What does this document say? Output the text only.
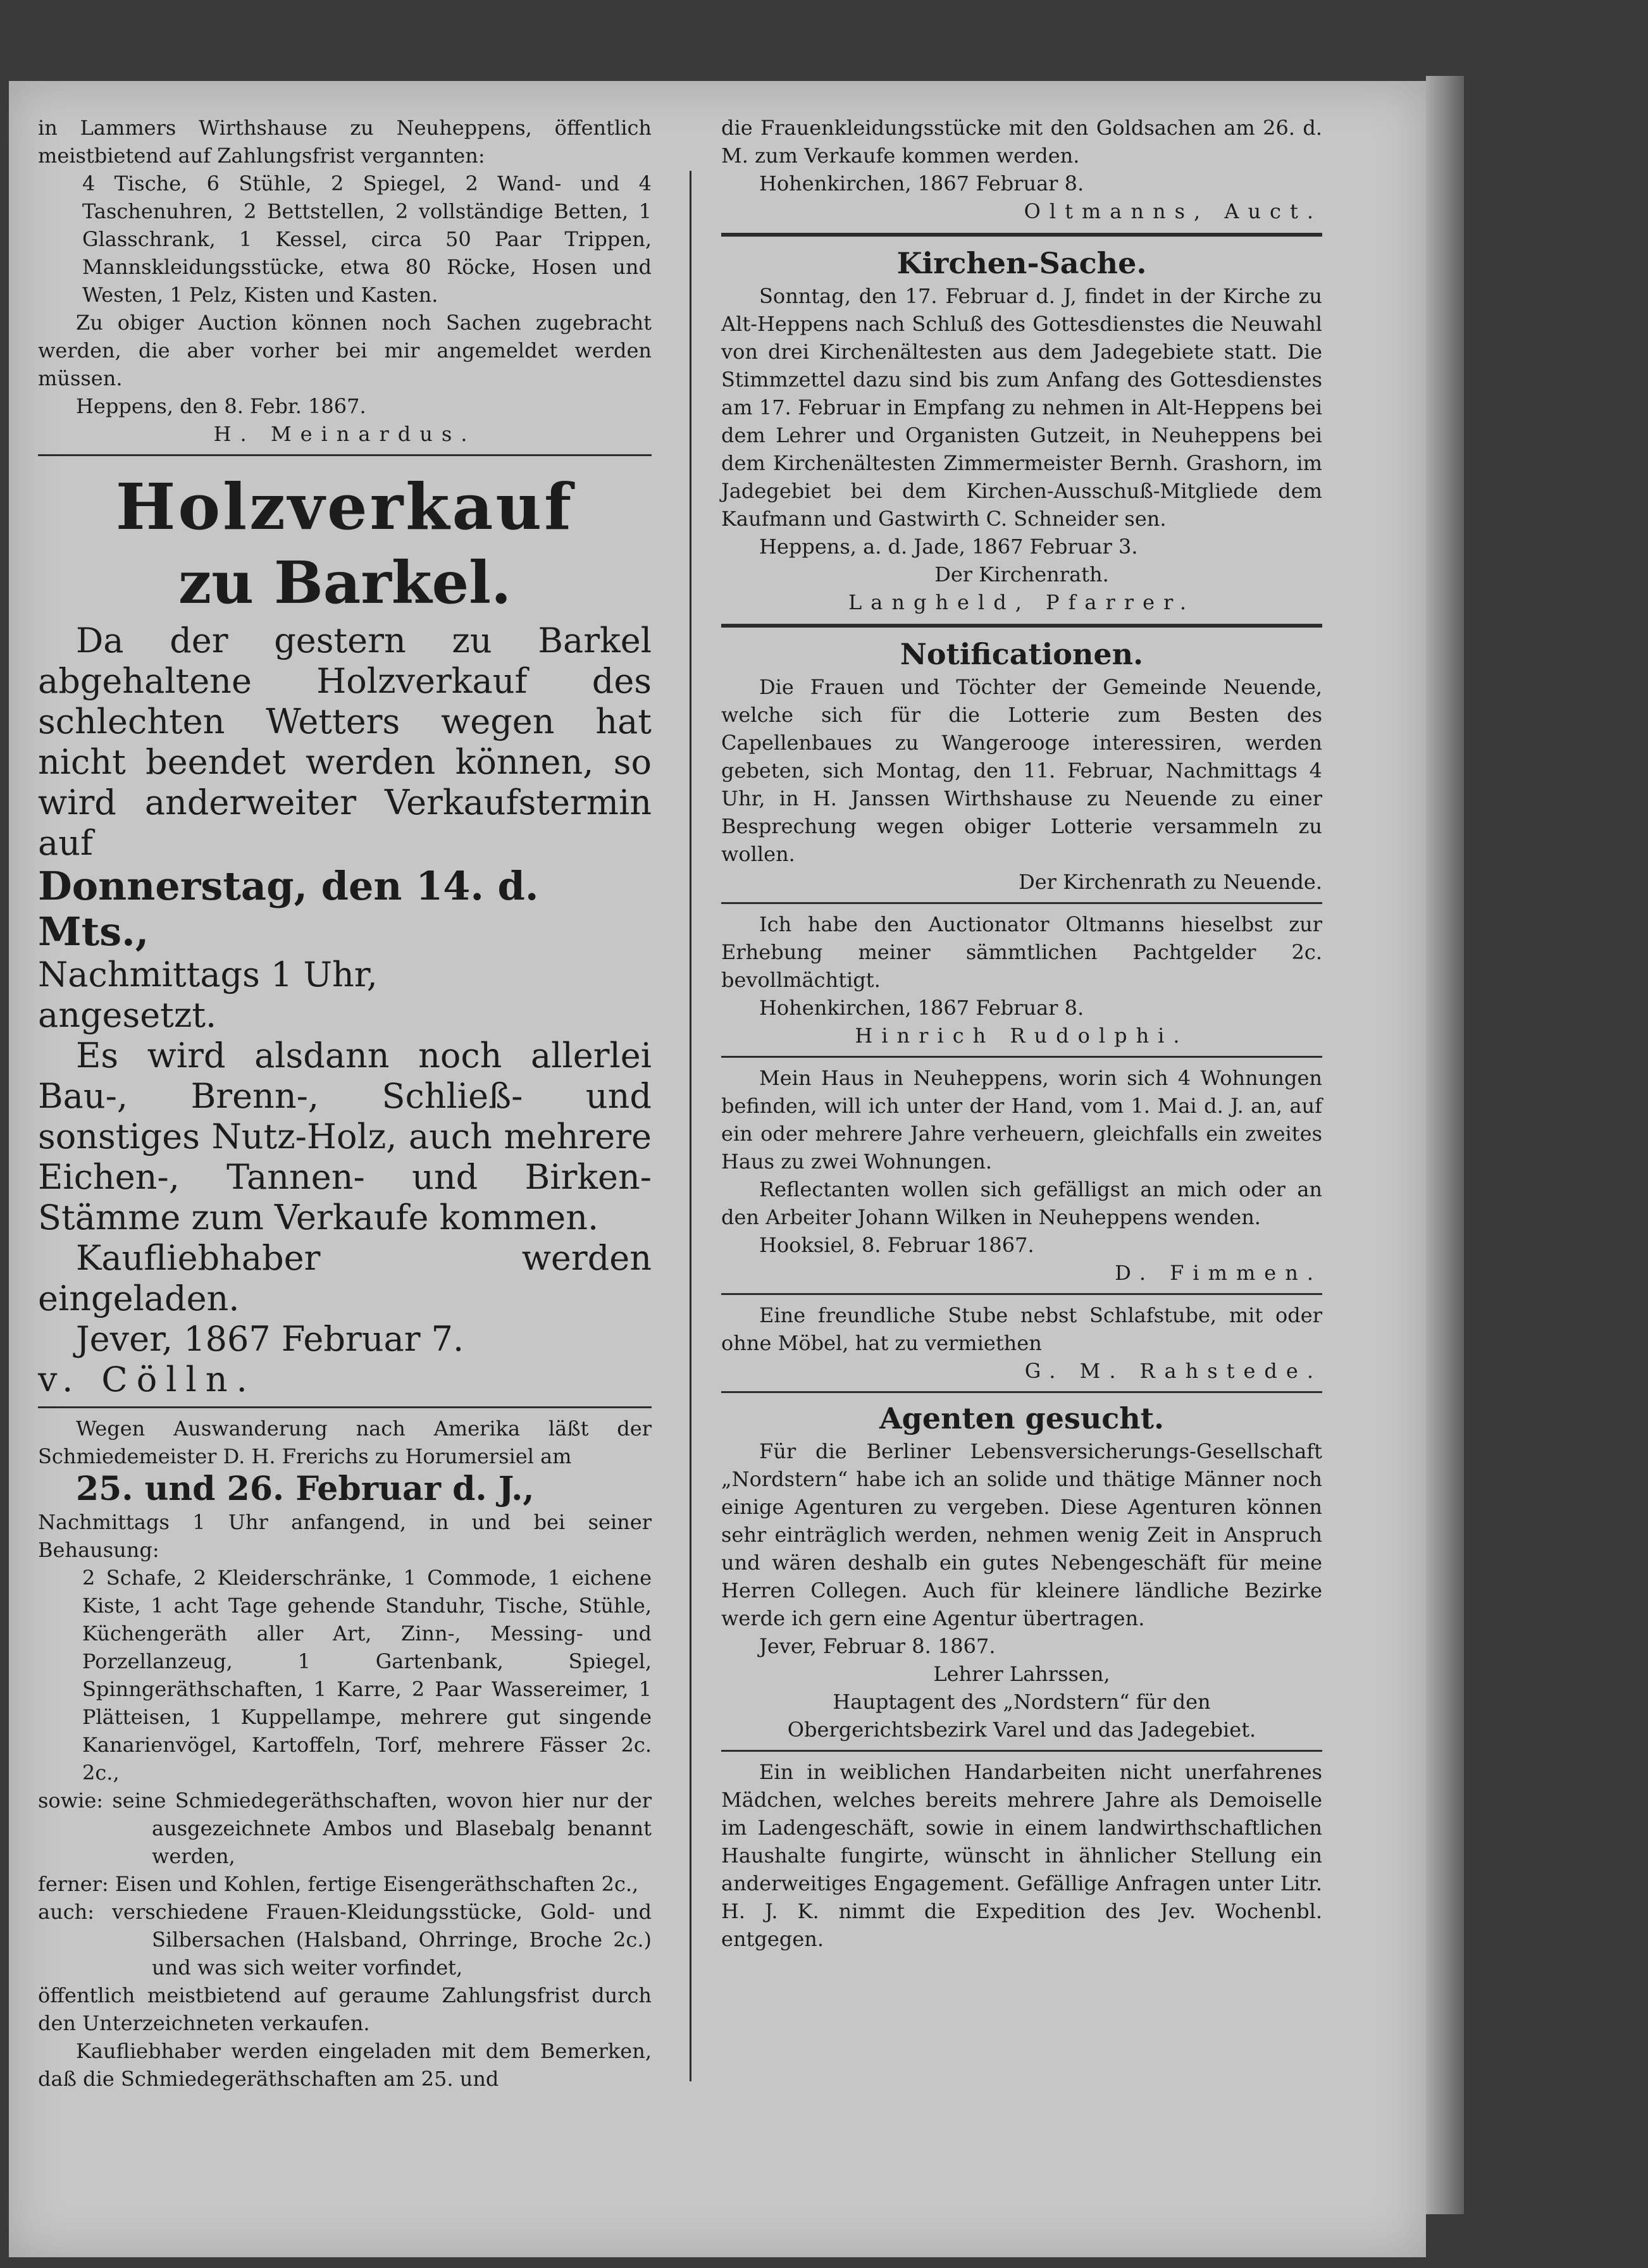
in Lammers Wirthshause zu Neuheppens, öffentlich meistbietend auf Zahlungsfrist vergannten:

4 Tische, 6 Stühle, 2 Spiegel, 2 Wand- und 4 Taschenuhren, 2 Bettstellen, 2 vollständige Betten, 1 Glasschrank, 1 Kessel, circa 50 Paar Trippen, Mannskleidungsstücke, etwa 80 Röcke, Hosen und Westen, 1 Pelz, Kisten und Kasten.

Zu obiger Auction können noch Sachen zugebracht werden, die aber vorher bei mir angemeldet werden müssen.

Heppens, den 8. Febr. 1867.

H. Meinardus.

Holzverkauf

zu Barkel.

Da der gestern zu Barkel abgehaltene Holzverkauf des schlechten Wetters wegen hat nicht beendet werden können, so wird anderweiter Verkaufstermin auf

Donnerstag, den 14. d. Mts.,

Nachmittags 1 Uhr,

angesetzt.

Es wird alsdann noch allerlei Bau-, Brenn-, Schließ- und sonstiges Nutz-Holz, auch mehrere Eichen-, Tannen- und Birken-Stämme zum Verkaufe kommen.

Kaufliebhaber werden eingeladen.

Jever, 1867 Februar 7.

v. Cölln.

Wegen Auswanderung nach Amerika läßt der Schmiedemeister D. H. Frerichs zu Horumersiel am

25. und 26. Februar d. J.,

Nachmittags 1 Uhr anfangend, in und bei seiner Behausung:

2 Schafe, 2 Kleiderschränke, 1 Commode, 1 eichene Kiste, 1 acht Tage gehende Standuhr, Tische, Stühle, Küchengeräth aller Art, Zinn-, Messing- und Porzellanzeug, 1 Gartenbank, Spiegel, Spinngeräthschaften, 1 Karre, 2 Paar Wassereimer, 1 Plätteisen, 1 Kuppellampe, mehrere gut singende Kanarienvögel, Kartoffeln, Torf, mehrere Fässer 2c. 2c.,

sowie: seine Schmiedegeräthschaften, wovon hier nur der ausgezeichnete Ambos und Blasebalg benannt werden,

ferner: Eisen und Kohlen, fertige Eisengeräthschaften 2c.,

auch: verschiedene Frauen-Kleidungsstücke, Gold- und Silbersachen (Halsband, Ohrringe, Broche 2c.) und was sich weiter vorfindet,

öffentlich meistbietend auf geraume Zahlungsfrist durch den Unterzeichneten verkaufen.

Kaufliebhaber werden eingeladen mit dem Bemerken, daß die Schmiedegeräthschaften am 25. und

die Frauenkleidungsstücke mit den Goldsachen am 26. d. M. zum Verkaufe kommen werden.

Hohenkirchen, 1867 Februar 8.

Oltmanns, Auct.

Kirchen-Sache.

Sonntag, den 17. Februar d. J, findet in der Kirche zu Alt-Heppens nach Schluß des Gottesdienstes die Neuwahl von drei Kirchenältesten aus dem Jadegebiete statt. Die Stimmzettel dazu sind bis zum Anfang des Gottesdienstes am 17. Februar in Empfang zu nehmen in Alt-Heppens bei dem Lehrer und Organisten Gutzeit, in Neuheppens bei dem Kirchenältesten Zimmermeister Bernh. Grashorn, im Jadegebiet bei dem Kirchen-Ausschuß-Mitgliede dem Kaufmann und Gastwirth C. Schneider sen.

Heppens, a. d. Jade, 1867 Februar 3.

Der Kirchenrath.

Langheld, Pfarrer.

Notificationen.

Die Frauen und Töchter der Gemeinde Neuende, welche sich für die Lotterie zum Besten des Capellenbaues zu Wangerooge interessiren, werden gebeten, sich Montag, den 11. Februar, Nachmittags 4 Uhr, in H. Janssen Wirthshause zu Neuende zu einer Besprechung wegen obiger Lotterie versammeln zu wollen.

Der Kirchenrath zu Neuende.

Ich habe den Auctionator Oltmanns hieselbst zur Erhebung meiner sämmtlichen Pachtgelder 2c. bevollmächtigt.

Hohenkirchen, 1867 Februar 8.

Hinrich Rudolphi.

Mein Haus in Neuheppens, worin sich 4 Wohnungen befinden, will ich unter der Hand, vom 1. Mai d. J. an, auf ein oder mehrere Jahre verheuern, gleichfalls ein zweites Haus zu zwei Wohnungen.

Reflectanten wollen sich gefälligst an mich oder an den Arbeiter Johann Wilken in Neuheppens wenden.

Hooksiel, 8. Februar 1867.

D. Fimmen.

Eine freundliche Stube nebst Schlafstube, mit oder ohne Möbel, hat zu vermiethen

G. M. Rahstede.

Agenten gesucht.

Für die Berliner Lebensversicherungs-Gesellschaft „Nordstern“ habe ich an solide und thätige Männer noch einige Agenturen zu vergeben. Diese Agenturen können sehr einträglich werden, nehmen wenig Zeit in Anspruch und wären deshalb ein gutes Nebengeschäft für meine Herren Collegen. Auch für kleinere ländliche Bezirke werde ich gern eine Agentur übertragen.

Jever, Februar 8. 1867.

Lehrer Lahrssen,

Hauptagent des „Nordstern“ für den

Obergerichtsbezirk Varel und das Jadegebiet.

Ein in weiblichen Handarbeiten nicht unerfahrenes Mädchen, welches bereits mehrere Jahre als Demoiselle im Ladengeschäft, sowie in einem landwirthschaftlichen Haushalte fungirte, wünscht in ähnlicher Stellung ein anderweitiges Engagement. Gefällige Anfragen unter Litr. H. J. K. nimmt die Expedition des Jev. Wochenbl. entgegen.
